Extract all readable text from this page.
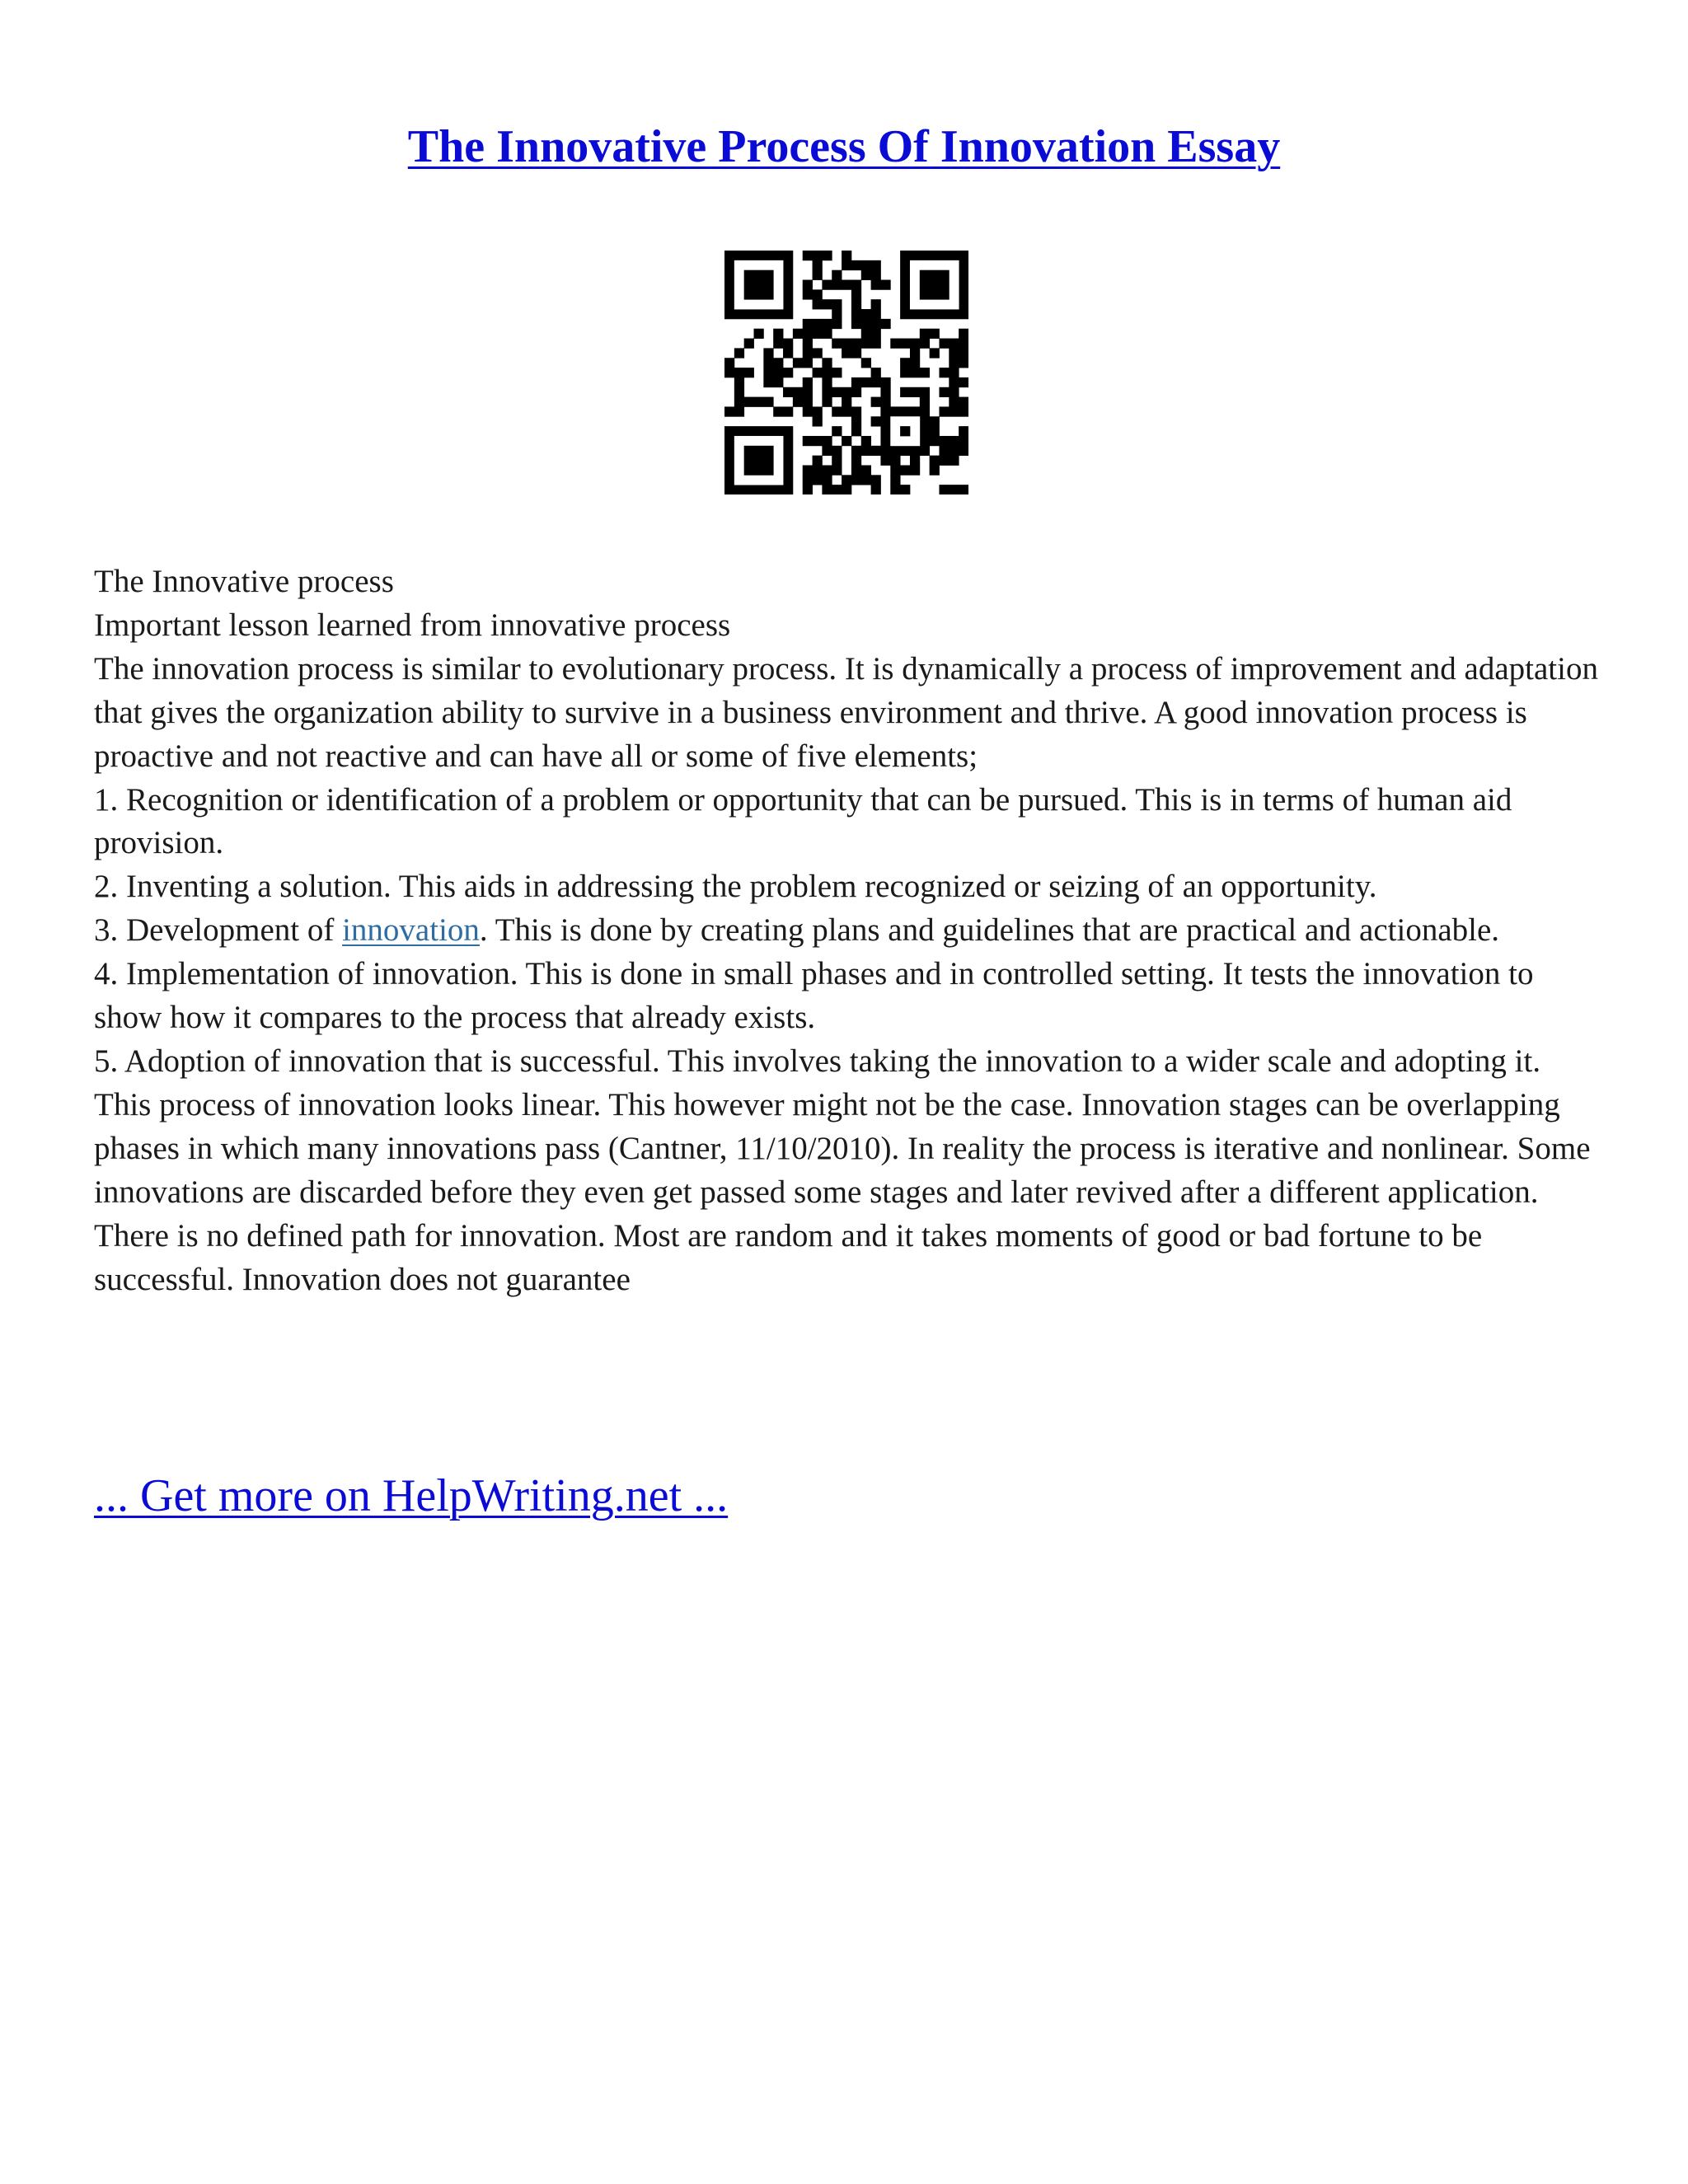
The Innovative Process Of Innovation Essay

The Innovative process

Important lesson learned from innovative process

The innovation process is similar to evolutionary process. It is dynamically a process of improvement and adaptation that gives the organization ability to survive in a business environment and thrive. A good innovation process is proactive and not reactive and can have all or some of five elements;

1. Recognition or identification of a problem or opportunity that can be pursued. This is in terms of human aid provision.

2. Inventing a solution. This aids in addressing the problem recognized or seizing of an opportunity.

3. Development of innovation. This is done by creating plans and guidelines that are practical and actionable.

4. Implementation of innovation. This is done in small phases and in controlled setting. It tests the innovation to show how it compares to the process that already exists.

5. Adoption of innovation that is successful. This involves taking the innovation to a wider scale and adopting it.

This process of innovation looks linear. This however might not be the case. Innovation stages can be overlapping phases in which many innovations pass (Cantner, 11/10/2010). In reality the process is iterative and nonlinear. Some innovations are discarded before they even get passed some stages and later revived after a different application. There is no defined path for innovation. Most are random and it takes moments of good or bad fortune to be successful. Innovation does not guarantee

... Get more on HelpWriting.net ...
